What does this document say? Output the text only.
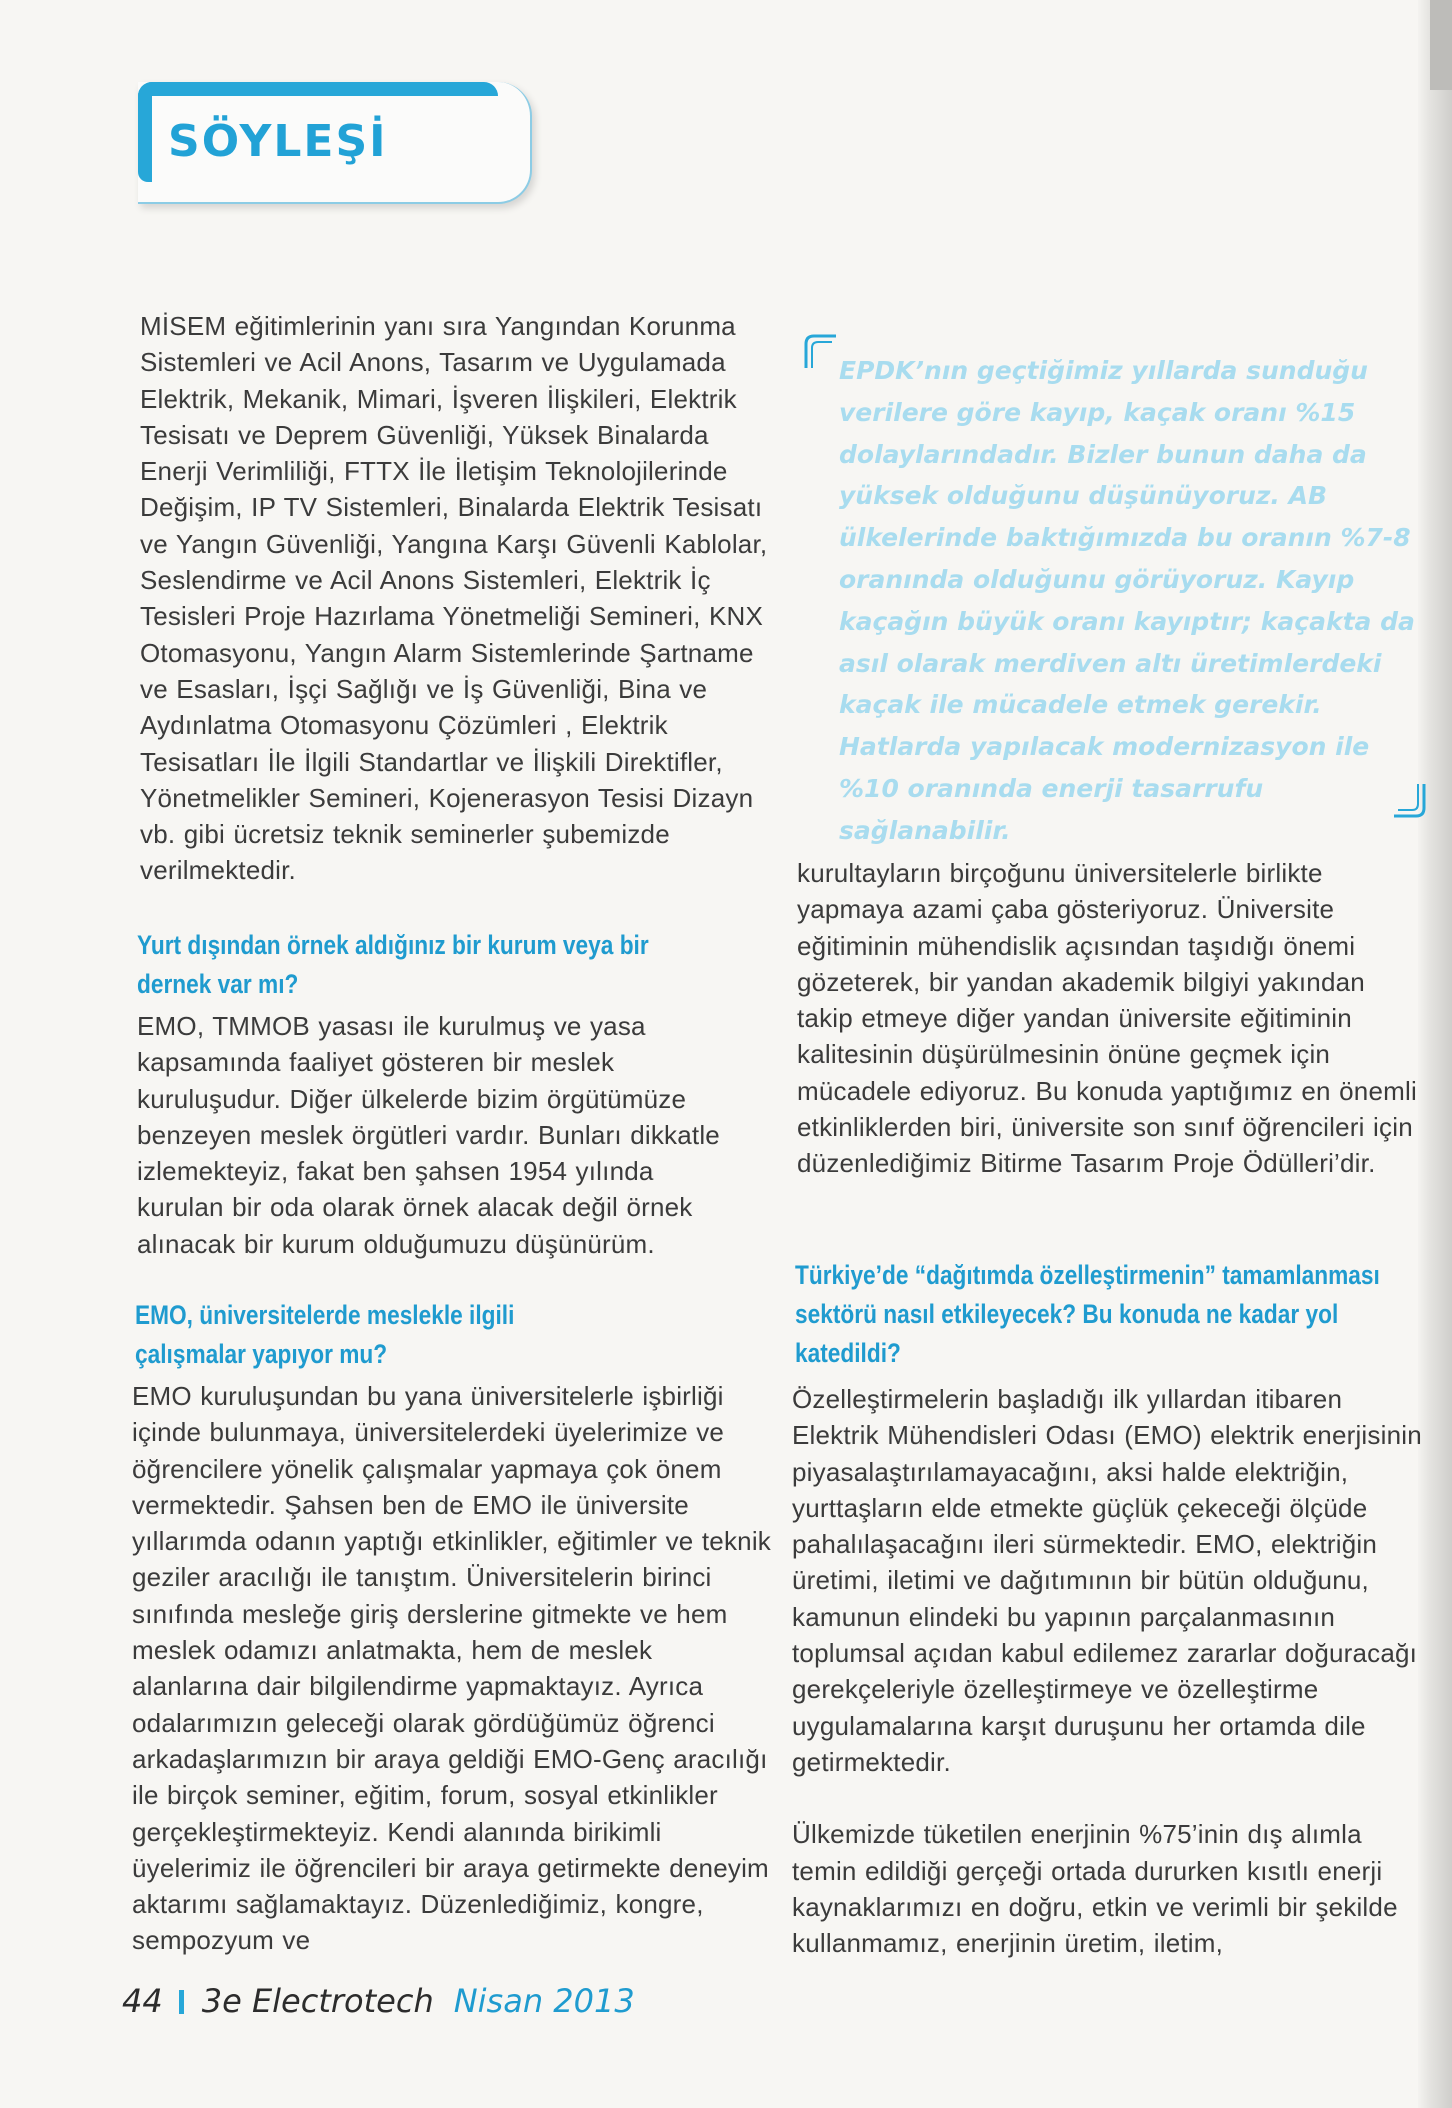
SÖYLEŞİ

MİSEM eğitimlerinin yanı sıra Yangından Korunma Sistemleri ve Acil Anons, Tasarım ve Uygulamada Elektrik, Mekanik, Mimari, İşveren İlişkileri, Elektrik Tesisatı ve Deprem Güvenliği, Yüksek Binalarda Enerji Verimliliği, FTTX İle İletişim Teknolojilerinde Değişim, IP TV Sistemleri, Binalarda Elektrik Tesisatı ve Yangın Güvenliği, Yangına Karşı Güvenli Kablolar, Seslendirme ve Acil Anons Sistemleri, Elektrik İç Tesisleri Proje Hazırlama Yönetmeliği Semineri, KNX Otomasyonu, Yangın Alarm Sistemlerinde Şartname ve Esasları, İşçi Sağlığı ve İş Güvenliği, Bina ve Aydınlatma Otomasyonu Çözümleri , Elektrik Tesisatları İle İlgili Standartlar ve İlişkili Direktifler, Yönetmelikler Semineri, Kojenerasyon Tesisi Dizayn vb. gibi ücretsiz teknik seminerler şubemizde verilmektedir.

Yurt dışından örnek aldığınız bir kurum veya bir dernek var mı?

EMO, TMMOB yasası ile kurulmuş ve yasa kapsamında faaliyet gösteren bir meslek kuruluşudur. Diğer ülkelerde bizim örgütümüze benzeyen meslek örgütleri vardır. Bunları dikkatle izlemekteyiz, fakat ben şahsen 1954 yılında kurulan bir oda olarak örnek alacak değil örnek alınacak bir kurum olduğumuzu düşünürüm.

EMO, üniversitelerde meslekle ilgili çalışmalar yapıyor mu?

EMO kuruluşundan bu yana üniversitelerle işbirliği içinde bulunmaya, üniversitelerdeki üyelerimize ve öğrencilere yönelik çalışmalar yapmaya çok önem vermektedir. Şahsen ben de EMO ile üniversite yıllarımda odanın yaptığı etkinlikler, eğitimler ve teknik geziler aracılığı ile tanıştım. Üniversitelerin birinci sınıfında mesleğe giriş derslerine gitmekte ve hem meslek odamızı anlatmakta, hem de meslek alanlarına dair bilgilendirme yapmaktayız. Ayrıca odalarımızın geleceği olarak gördüğümüz öğrenci arkadaşlarımızın bir araya geldiği EMO-Genç aracılığı ile birçok seminer, eğitim, forum, sosyal etkinlikler gerçekleştirmekteyiz. Kendi alanında birikimli üyelerimiz ile öğrencileri bir araya getirmekte deneyim aktarımı sağlamaktayız. Düzenlediğimiz, kongre, sempozyum ve

EPDK’nın geçtiğimiz yıllarda sunduğu verilere göre kayıp, kaçak oranı %15 dolaylarındadır. Bizler bunun daha da yüksek olduğunu düşünüyoruz. AB ülkelerinde baktığımızda bu oranın %7-8 oranında olduğunu görüyoruz. Kayıp kaçağın büyük oranı kayıptır; kaçakta da asıl olarak merdiven altı üretimlerdeki kaçak ile mücadele etmek gerekir. Hatlarda yapılacak modernizasyon ile %10 oranında enerji tasarrufu sağlanabilir.

kurultayların birçoğunu üniversitelerle birlikte yapmaya azami çaba gösteriyoruz. Üniversite eğitiminin mühendislik açısından taşıdığı önemi gözeterek, bir yandan akademik bilgiyi yakından takip etmeye diğer yandan üniversite eğitiminin kalitesinin düşürülmesinin önüne geçmek için mücadele ediyoruz. Bu konuda yaptığımız en önemli etkinliklerden biri, üniversite son sınıf öğrencileri için düzenlediğimiz Bitirme Tasarım Proje Ödülleri’dir.

Türkiye’de “dağıtımda özelleştirmenin” tamamlanması sektörü nasıl etkileyecek? Bu konuda ne kadar yol katedildi?

Özelleştirmelerin başladığı ilk yıllardan itibaren Elektrik Mühendisleri Odası (EMO) elektrik enerjisinin piyasalaştırılamayacağını, aksi halde elektriğin, yurttaşların elde etmekte güçlük çekeceği ölçüde pahalılaşacağını ileri sürmektedir. EMO, elektriğin üretimi, iletimi ve dağıtımının bir bütün olduğunu, kamunun elindeki bu yapının parçalanmasının toplumsal açıdan kabul edilemez zararlar doğuracağı gerekçeleriyle özelleştirmeye ve özelleştirme uygulamalarına karşıt duruşunu her ortamda dile getirmektedir.

Ülkemizde tüketilen enerjinin %75’inin dış alımla temin edildiği gerçeği ortada dururken kısıtlı enerji kaynaklarımızı en doğru, etkin ve verimli bir şekilde kullanmamız, enerjinin üretim, iletim,

44 3e Electrotech Nisan 2013
